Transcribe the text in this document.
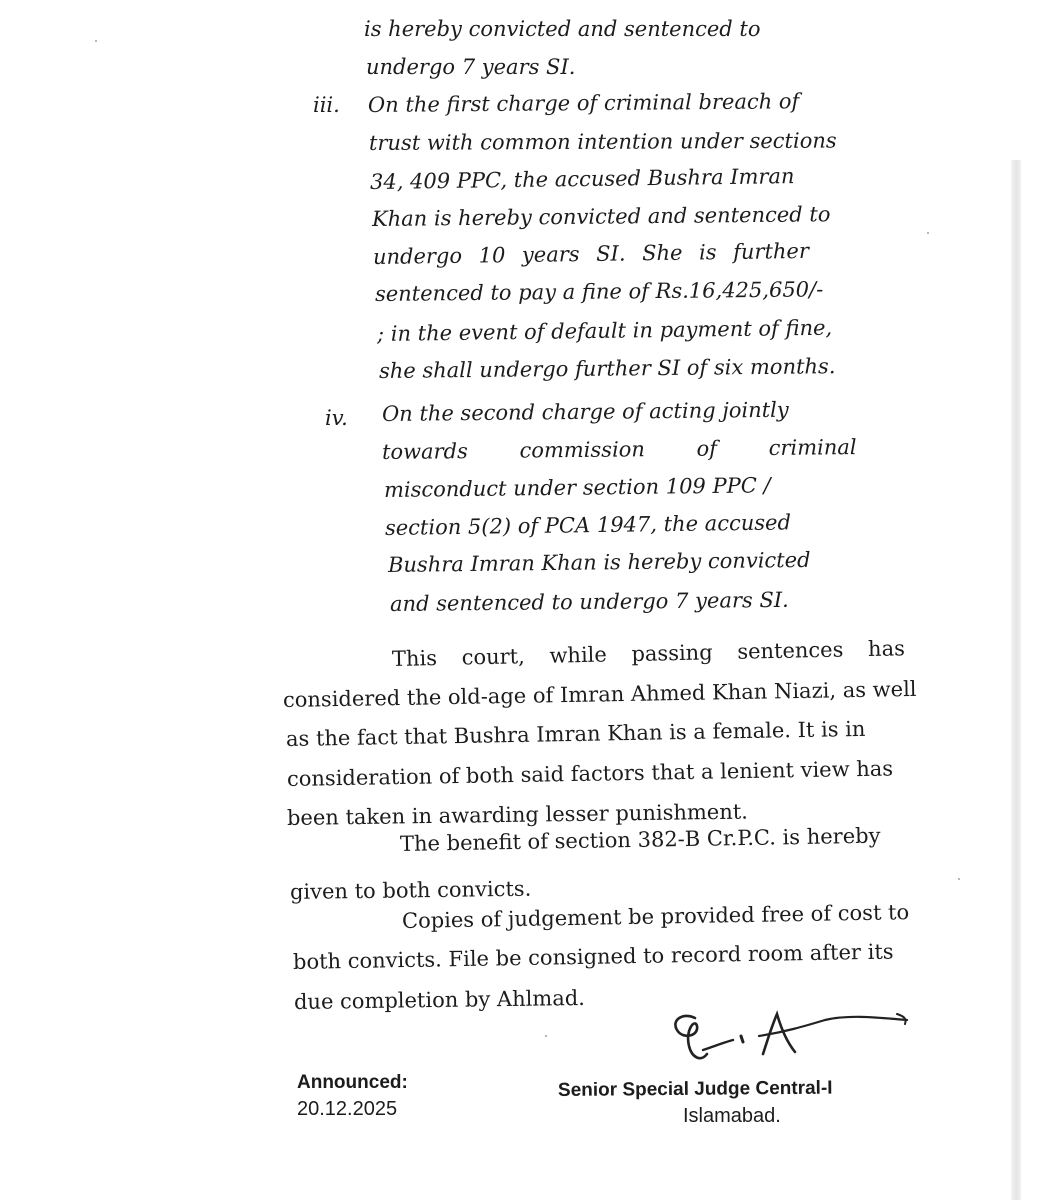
is hereby convicted and sentenced to
undergo 7 years SI.
iii. On the first charge of criminal breach of
trust with common intention under sections
34, 409 PPC, the accused Bushra Imran
Khan is hereby convicted and sentenced to
undergo 10 years SI. She is further
sentenced to pay a fine of Rs.16,425,650/-
; in the event of default in payment of fine,
she shall undergo further SI of six months.
iv. On the second charge of acting jointly
towards commission of criminal
misconduct under section 109 PPC /
section 5(2) of PCA 1947, the accused
Bushra Imran Khan is hereby convicted
and sentenced to undergo 7 years SI.
This court, while passing sentences has
considered the old-age of Imran Ahmed Khan Niazi, as well
as the fact that Bushra Imran Khan is a female. It is in
consideration of both said factors that a lenient view has
been taken in awarding lesser punishment.
The benefit of section 382-B Cr.P.C. is hereby
given to both convicts.
Copies of judgement be provided free of cost to
both convicts. File be consigned to record room after its
due completion by Ahlmad.
Announced:
20.12.2025
Senior Special Judge Central-I
Islamabad.
